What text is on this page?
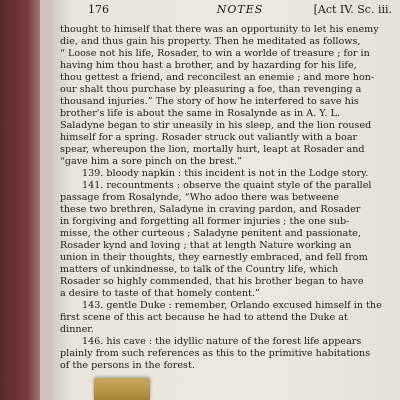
176	NOTES	[Act IV. Sc. iii.
thought to himself that there was an opportunity to let his enemy
die, and thus gain his property. Then he meditated as follows,
“ Loose not his life, Rosader, to win a worlde of treasure ; for in
having him thou hast a brother, and by hazarding for his life,
thou gettest a friend, and reconcilest an enemie ; and more hon-
our shalt thou purchase by pleasuring a foe, than revenging a
thousand injuries.” The story of how he interfered to save his
brother's life is about the same in Rosalynde as in A. Y. L.
Saladyne began to stir uneasily in his sleep, and the lion roused
himself for a spring. Rosader struck out valiantly with a boar
spear, whereupon the lion, mortally hurt, leapt at Rosader and
“gave him a sore pinch on the brest.”
139. bloody napkin : this incident is not in the Lodge story.
141. recountments : observe the quaint style of the parallel
passage from Rosalynde, “Who adoo there was betweene
these two brethren, Saladyne in craving pardon, and Rosader
in forgiving and forgetting all former injuries ; the one sub-
misse, the other curteous ; Saladyne penitent and passionate,
Rosader kynd and loving ; that at length Nature working an
union in their thoughts, they earnestly embraced, and fell from
matters of unkindnesse, to talk of the Country life, which
Rosader so highly commended, that his brother began to have
a desire to taste of that homely content.”
143. gentle Duke : remember, Orlando excused himself in the
first scene of this act because he had to attend the Duke at
dinner.
146. his cave : the idyllic nature of the forest life appears
plainly from such references as this to the primitive habitations
of the persons in the forest.
